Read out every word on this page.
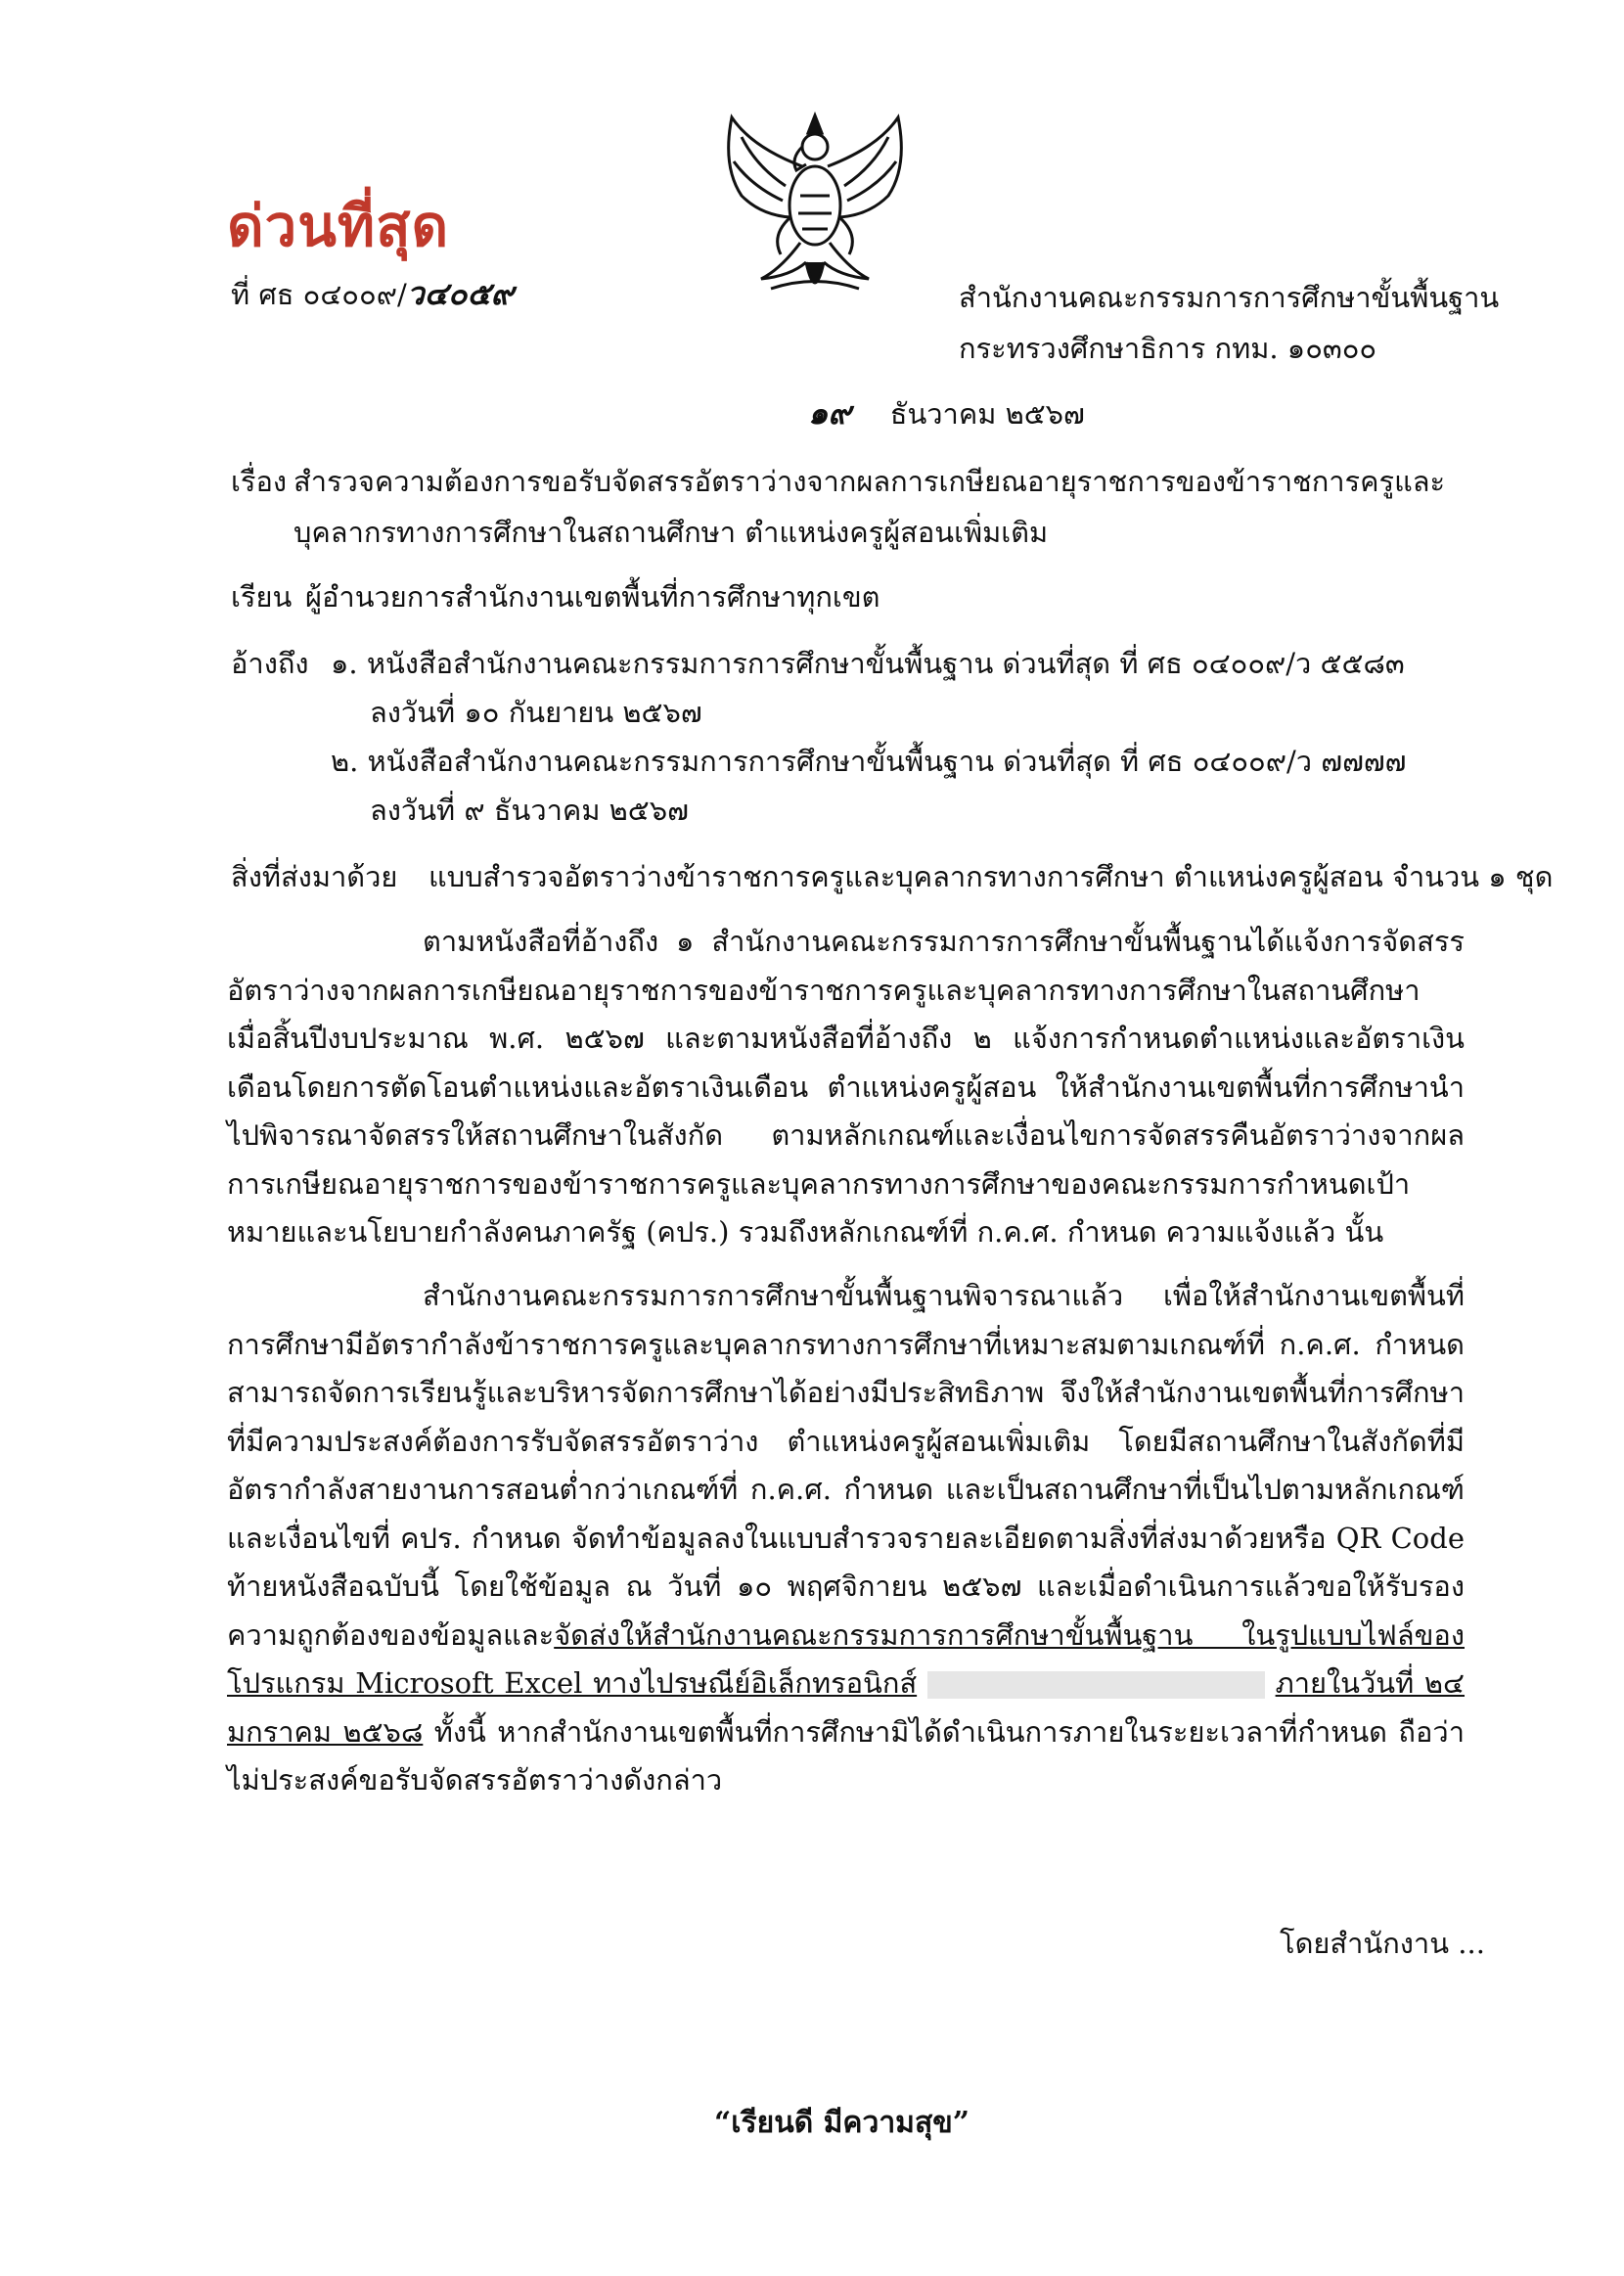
ด่วนที่สุด
ที่ ศธ ๐๔๐๐๙/ว๔๐๕๙	สำนักงานคณะกรรมการการศึกษาขั้นพื้นฐาน
กระทรวงศึกษาธิการ กทม. ๑๐๓๐๐
๑๙ ธันวาคม ๒๕๖๗
เรื่อง สำรวจความต้องการขอรับจัดสรรอัตราว่างจากผลการเกษียณอายุราชการของข้าราชการครูและ
บุคลากรทางการศึกษาในสถานศึกษา ตำแหน่งครูผู้สอนเพิ่มเติม
เรียน ผู้อำนวยการสำนักงานเขตพื้นที่การศึกษาทุกเขต
อ้างถึง ๑. หนังสือสำนักงานคณะกรรมการการศึกษาขั้นพื้นฐาน ด่วนที่สุด ที่ ศธ ๐๔๐๐๙/ว ๕๕๘๓
ลงวันที่ ๑๐ กันยายน ๒๕๖๗
๒. หนังสือสำนักงานคณะกรรมการการศึกษาขั้นพื้นฐาน ด่วนที่สุด ที่ ศธ ๐๔๐๐๙/ว ๗๗๗๗
ลงวันที่ ๙ ธันวาคม ๒๕๖๗
สิ่งที่ส่งมาด้วย แบบสำรวจอัตราว่างข้าราชการครูและบุคลากรทางการศึกษา ตำแหน่งครูผู้สอน จำนวน ๑ ชุด
ตามหนังสือที่อ้างถึง ๑ สำนักงานคณะกรรมการการศึกษาขั้นพื้นฐานได้แจ้งการจัดสรรอัตราว่างจากผลการเกษียณอายุราชการของข้าราชการครูและบุคลากรทางการศึกษาในสถานศึกษา เมื่อสิ้นปีงบประมาณ พ.ศ. ๒๕๖๗ และตามหนังสือที่อ้างถึง ๒ แจ้งการกำหนดตำแหน่งและอัตราเงินเดือนโดยการตัดโอนตำแหน่งและอัตราเงินเดือน ตำแหน่งครูผู้สอน ให้สำนักงานเขตพื้นที่การศึกษานำไปพิจารณาจัดสรรให้สถานศึกษาในสังกัด ตามหลักเกณฑ์และเงื่อนไขการจัดสรรคืนอัตราว่างจากผลการเกษียณอายุราชการของข้าราชการครูและบุคลากรทางการศึกษาของคณะกรรมการกำหนดเป้าหมายและนโยบายกำลังคนภาครัฐ (คปร.) รวมถึงหลักเกณฑ์ที่ ก.ค.ศ. กำหนด ความแจ้งแล้ว นั้น
สำนักงานคณะกรรมการการศึกษาขั้นพื้นฐานพิจารณาแล้ว เพื่อให้สำนักงานเขตพื้นที่การศึกษามีอัตรากำลังข้าราชการครูและบุคลากรทางการศึกษาที่เหมาะสมตามเกณฑ์ที่ ก.ค.ศ. กำหนด สามารถจัดการเรียนรู้และบริหารจัดการศึกษาได้อย่างมีประสิทธิภาพ จึงให้สำนักงานเขตพื้นที่การศึกษาที่มีความประสงค์ต้องการรับจัดสรรอัตราว่าง ตำแหน่งครูผู้สอนเพิ่มเติม โดยมีสถานศึกษาในสังกัดที่มีอัตรากำลังสายงานการสอนต่ำกว่าเกณฑ์ที่ ก.ค.ศ. กำหนด และเป็นสถานศึกษาที่เป็นไปตามหลักเกณฑ์และเงื่อนไขที่ คปร. กำหนด จัดทำข้อมูลลงในแบบสำรวจรายละเอียดตามสิ่งที่ส่งมาด้วยหรือ QR Code ท้ายหนังสือฉบับนี้ โดยใช้ข้อมูล ณ วันที่ ๑๐ พฤศจิกายน ๒๕๖๗ และเมื่อดำเนินการแล้วขอให้รับรองความถูกต้องของข้อมูลและจัดส่งให้สำนักงานคณะกรรมการการศึกษาขั้นพื้นฐาน ในรูปแบบไฟล์ของโปรแกรม Microsoft Excel ทางไปรษณีย์อิเล็กทรอนิกส์	ภายในวันที่ ๒๔ มกราคม ๒๕๖๘ ทั้งนี้ หากสำนักงานเขตพื้นที่การศึกษามิได้ดำเนินการภายในระยะเวลาที่กำหนด ถือว่าไม่ประสงค์ขอรับจัดสรรอัตราว่างดังกล่าว
โดยสำนักงาน ...
“เรียนดี มีความสุข”
